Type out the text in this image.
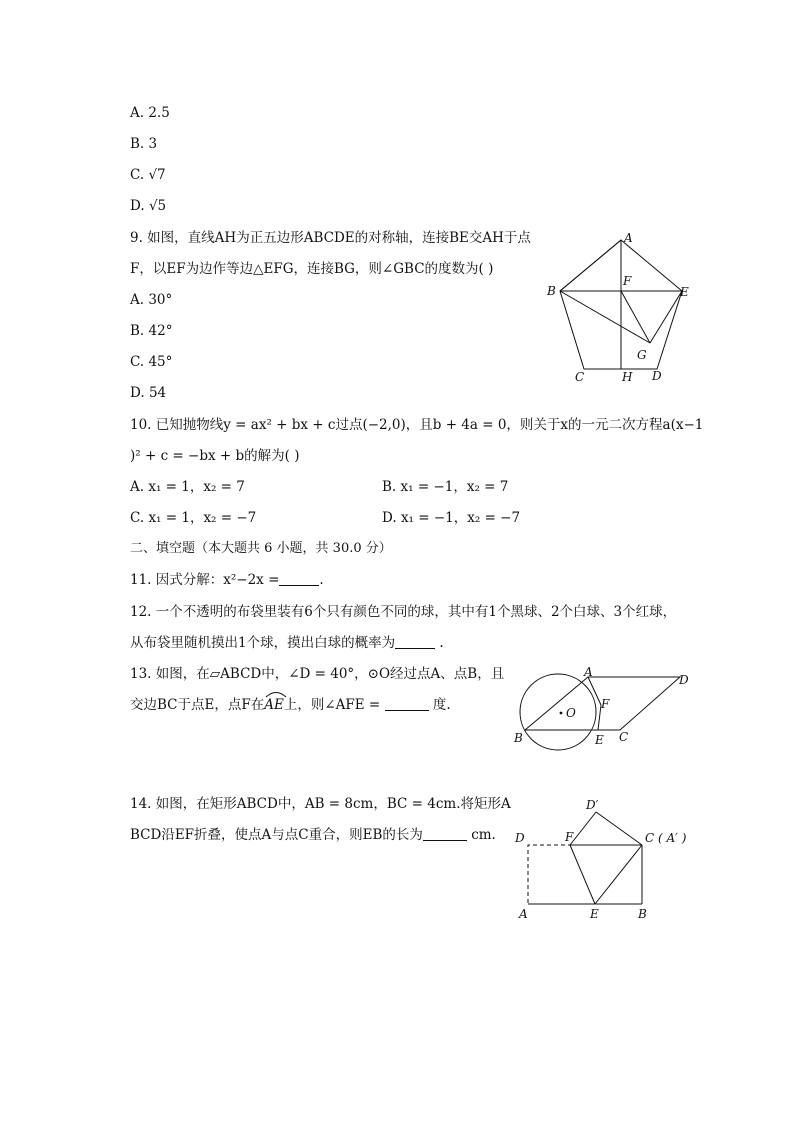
A. 2.5
B. 3
C. √7
D. √5
9. 如图，直线AH为正五边形ABCDE的对称轴，连接BE交AH于点
F，以EF为边作等边△EFG，连接BG，则∠GBC的度数为( )
A. 30°
B. 42°
C. 45°
D. 54
A
B
C	D
E
F
G
H
10. 已知抛物线y = ax² + bx + c过点(−2,0)，且b + 4a = 0，则关于x的一元二次方程a(x−1
)² + c = −bx + b的解为( )
A. x₁ = 1，x₂ = 7	B. x₁ = −1，x₂ = 7
C. x₁ = 1，x₂ = −7	D. x₁ = −1，x₂ = −7
二、填空题（本大题共 6 小题，共 30.0 分）
11. 因式分解：x²−2x =	.
12. 一个不透明的布袋里装有6个只有颜色不同的球，其中有1个黑球、2个白球、3个红球，
从布袋里随机摸出1个球，摸出白球的概率为	.
13. 如图，在▱ABCD中，∠D = 40°，⊙O经过点A、点B，且
交边BC于点E，点F在
AE上，则∠AFE =	度.
A
B	C
D
E
F
O
14. 如图，在矩形ABCD中，AB = 8cm，BC = 4cm.将矩形A
BCD沿EF折叠，使点A与点C重合，则EB的长为	cm. D	F
D′
C ( A′ )
A	E	B
